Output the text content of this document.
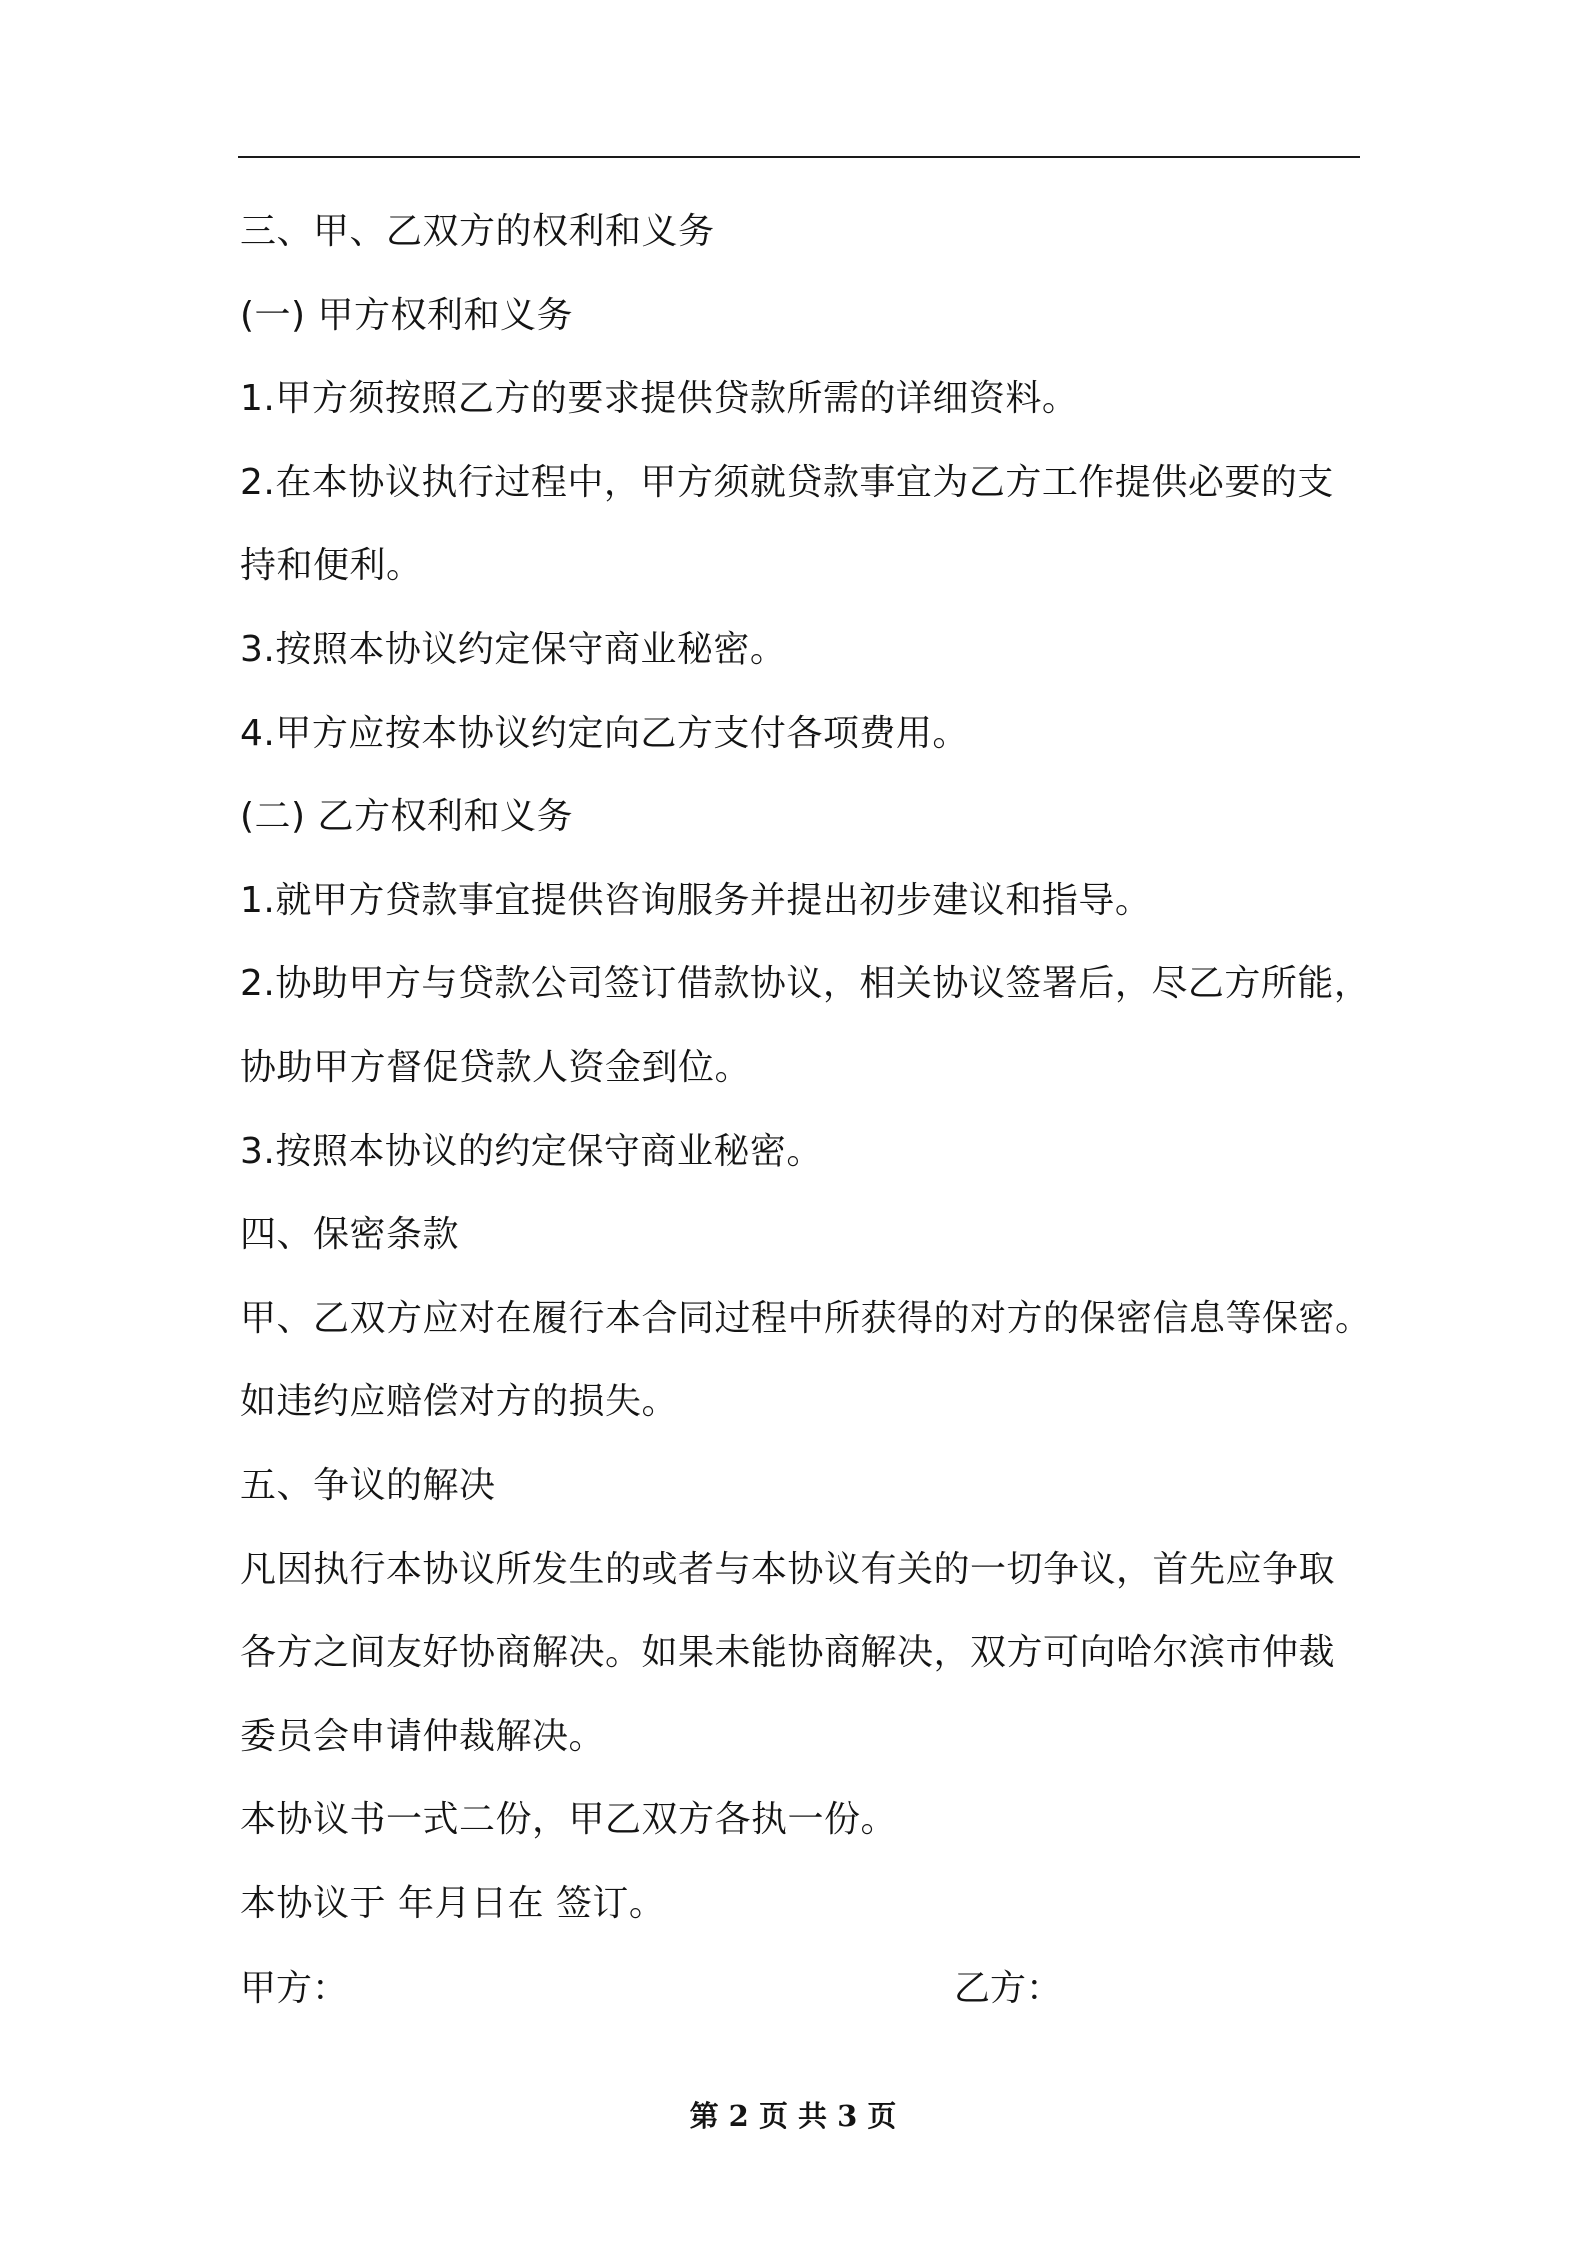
三、甲、乙双方的权利和义务
(一) 甲方权利和义务
1.甲方须按照乙方的要求提供贷款所需的详细资料。
2.在本协议执行过程中，甲方须就贷款事宜为乙方工作提供必要的支
持和便利。
3.按照本协议约定保守商业秘密。
4.甲方应按本协议约定向乙方支付各项费用。
(二) 乙方权利和义务
1.就甲方贷款事宜提供咨询服务并提出初步建议和指导。
2.协助甲方与贷款公司签订借款协议，相关协议签署后，尽乙方所能，
协助甲方督促贷款人资金到位。
3.按照本协议的约定保守商业秘密。
四、保密条款
甲、乙双方应对在履行本合同过程中所获得的对方的保密信息等保密。
如违约应赔偿对方的损失。
五、争议的解决
凡因执行本协议所发生的或者与本协议有关的一切争议，首先应争取
各方之间友好协商解决。如果未能协商解决，双方可向哈尔滨市仲裁
委员会申请仲裁解决。
本协议书一式二份，甲乙双方各执一份。
本协议于 年月日在 签订。
甲方：	乙方：
第 2 页 共 3 页
